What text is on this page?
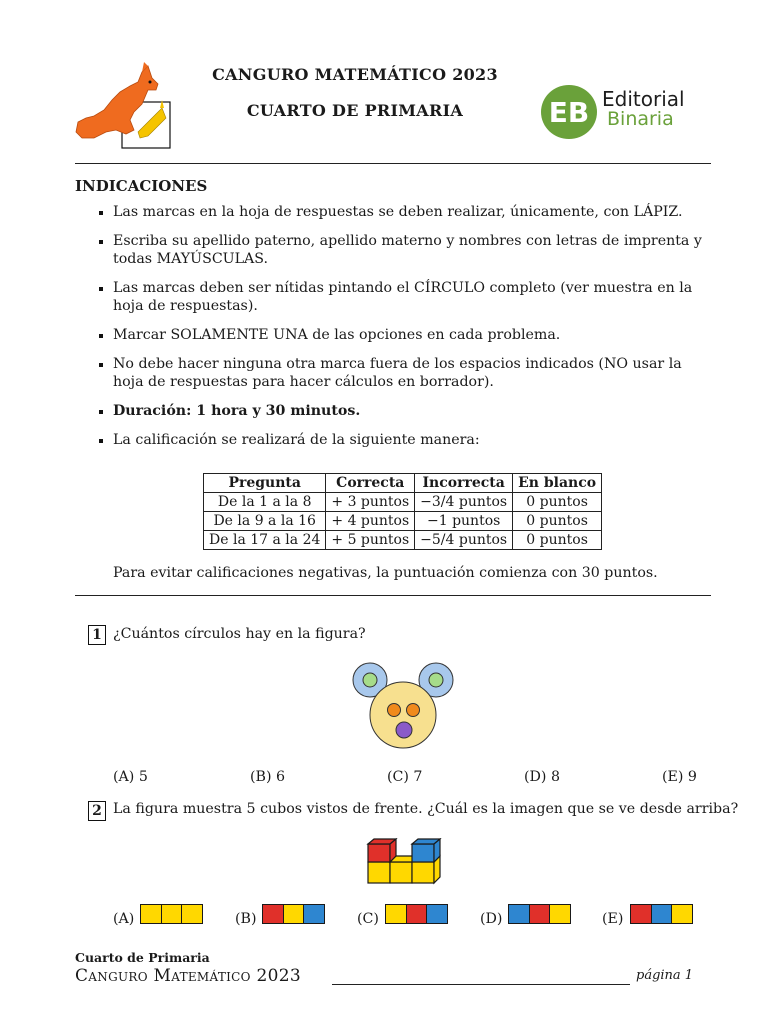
CANGURO MATEMÁTICO 2023
CUARTO DE PRIMARIA	EB Editorial
Binaria
INDICACIONES
Las marcas en la hoja de respuestas se deben realizar, únicamente, con LÁPIZ.
Escriba su apellido paterno, apellido materno y nombres con letras de imprenta y todas MAYÚSCULAS.
Las marcas deben ser nítidas pintando el CÍRCULO completo (ver muestra en la hoja de respuestas).
Marcar SOLAMENTE UNA de las opciones en cada problema.
No debe hacer ninguna otra marca fuera de los espacios indicados (NO usar la hoja de respuestas para hacer cálculos en borrador).
Duración: 1 hora y 30 minutos.
La calificación se realizará de la siguiente manera:
Pregunta	Correcta	Incorrecta	En blanco
De la 1 a la 8	+ 3 puntos	−3/4 puntos	0 puntos
De la 9 a la 16	+ 4 puntos	−1 puntos	0 puntos
De la 17 a la 24	+ 5 puntos	−5/4 puntos	0 puntos
Para evitar calificaciones negativas, la puntuación comienza con 30 puntos.
1 ¿Cuántos círculos hay en la figura?
(A) 5	(B) 6	(C) 7	(D) 8	(E) 9
2 La figura muestra 5 cubos vistos de frente. ¿Cuál es la imagen que se ve desde arriba?
(A)	(B)	(C)	(D)	(E)
Cuarto de Primaria
Canguro Matemático 2023	página 1
